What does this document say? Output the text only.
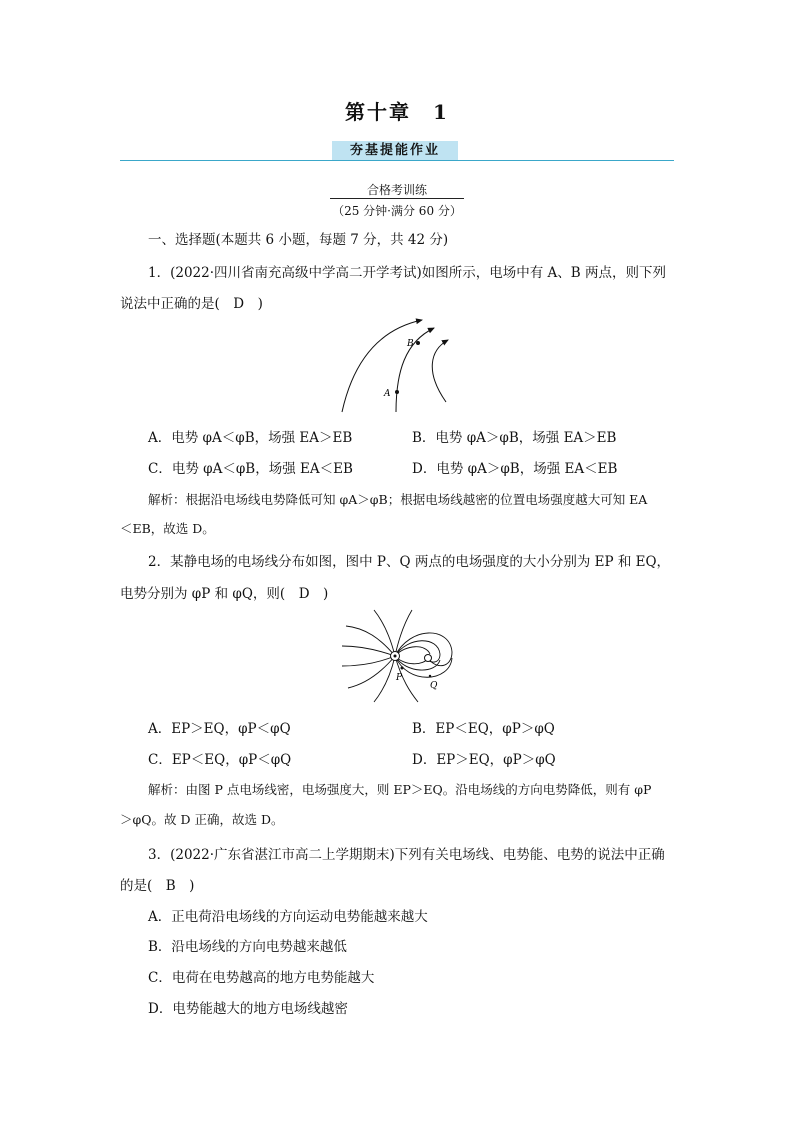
第十章　1
夯基提能作业
合格考训练
（25 分钟·满分 60 分）
一、选择题(本题共 6 小题，每题 7 分，共 42 分)
1．(2022·四川省南充高级中学高二开学考试)如图所示，电场中有 A、B 两点，则下列
说法中正确的是(　D　)
A
B
A．电势 φA＜φB，场强 EA＞EB	B．电势 φA＞φB，场强 EA＞EB
C．电势 φA＜φB，场强 EA＜EB	D．电势 φA＞φB，场强 EA＜EB
解析：根据沿电场线电势降低可知 φA＞φB；根据电场线越密的位置电场强度越大可知 EA
＜EB，故选 D。
2．某静电场的电场线分布如图，图中 P、Q 两点的电场强度的大小分别为 EP 和 EQ，
电势分别为 φP 和 φQ，则(　D　)
P
Q
A．EP＞EQ，φP＜φQ	B．EP＜EQ，φP＞φQ
C．EP＜EQ，φP＜φQ	D．EP＞EQ，φP＞φQ
解析：由图 P 点电场线密，电场强度大，则 EP＞EQ。沿电场线的方向电势降低，则有 φP
＞φQ。故 D 正确，故选 D。
3．(2022·广东省湛江市高二上学期期末)下列有关电场线、电势能、电势的说法中正确
的是(　B　)
A．正电荷沿电场线的方向运动电势能越来越大
B．沿电场线的方向电势越来越低
C．电荷在电势越高的地方电势能越大
D．电势能越大的地方电场线越密
